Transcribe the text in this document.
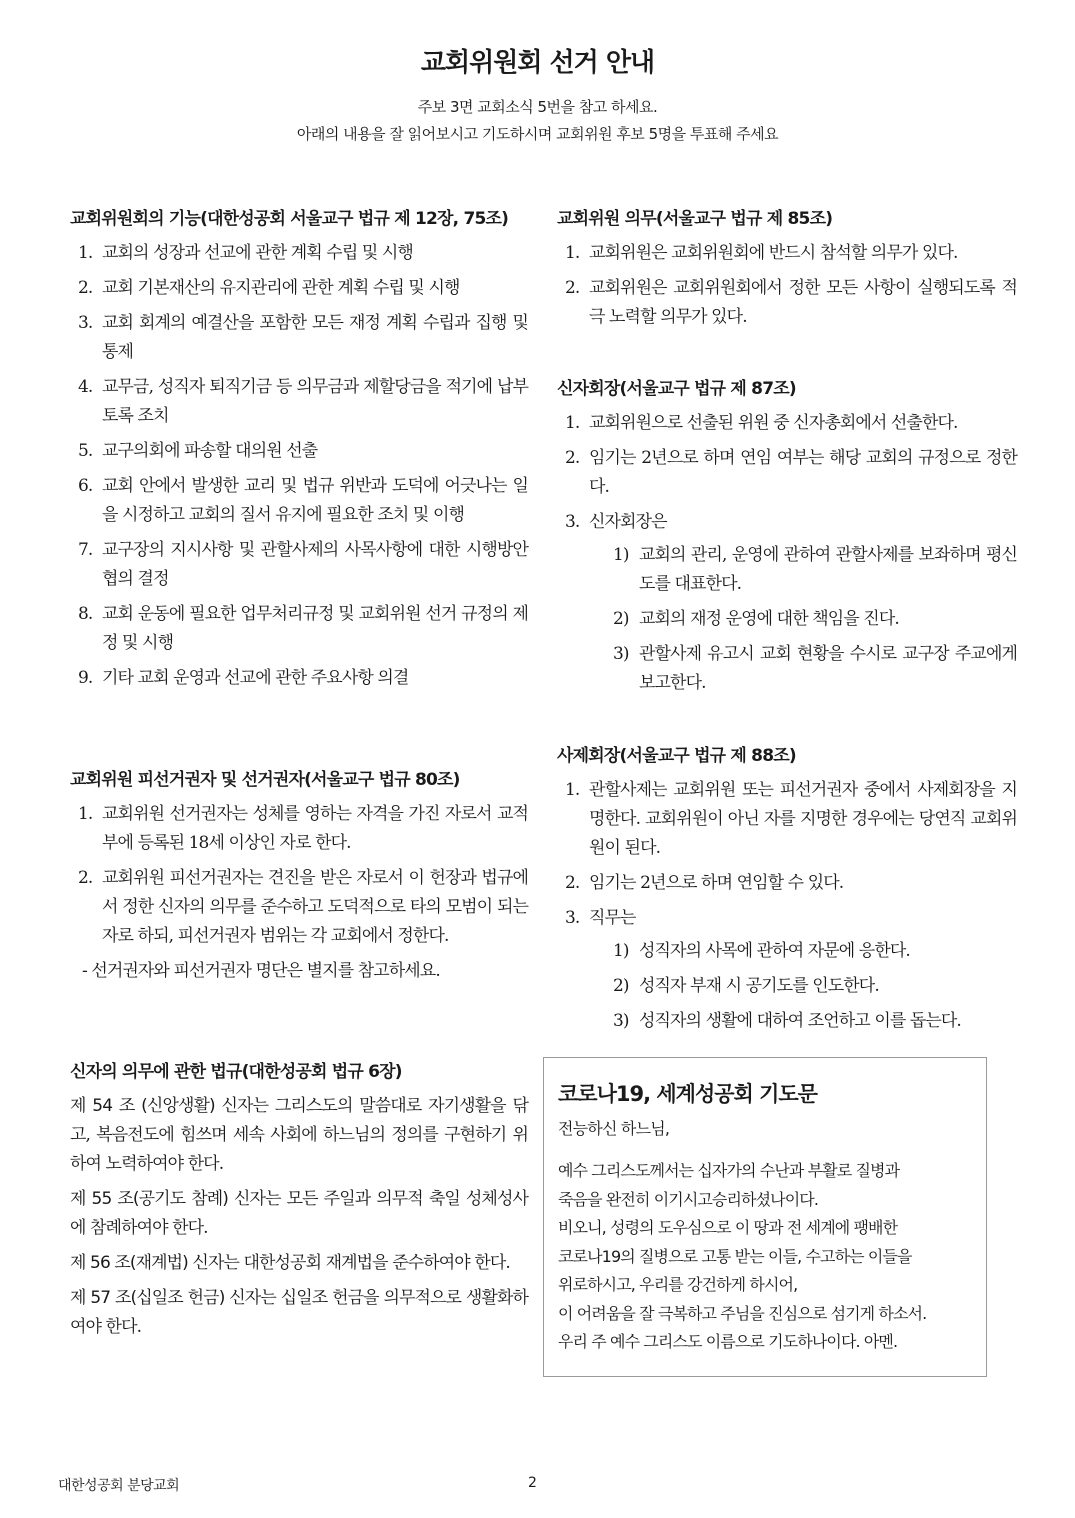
교회위원회 선거 안내
주보 3면 교회소식 5번을 참고 하세요.
아래의 내용을 잘 읽어보시고 기도하시며 교회위원 후보 5명을 투표해 주세요
교회위원회의 기능(대한성공회 서울교구 법규 제 12장, 75조)
1. 교회의 성장과 선교에 관한 계획 수립 및 시행
2. 교회 기본재산의 유지관리에 관한 계획 수립 및 시행
3. 교회 회계의 예결산을 포함한 모든 재정 계획 수립과 집행 및 통제
4. 교무금, 성직자 퇴직기금 등 의무금과 제할당금을 적기에 납부토록 조치
5. 교구의회에 파송할 대의원 선출
6. 교회 안에서 발생한 교리 및 법규 위반과 도덕에 어긋나는 일을 시정하고 교회의 질서 유지에 필요한 조치 및 이행
7. 교구장의 지시사항 및 관할사제의 사목사항에 대한 시행방안 협의 결정
8. 교회 운동에 필요한 업무처리규정 및 교회위원 선거 규정의 제정 및 시행
9. 기타 교회 운영과 선교에 관한 주요사항 의결
교회위원 피선거권자 및 선거권자(서울교구 법규 80조)
1. 교회위원 선거권자는 성체를 영하는 자격을 가진 자로서 교적부에 등록된 18세 이상인 자로 한다.
2. 교회위원 피선거권자는 견진을 받은 자로서 이 헌장과 법규에서 정한 신자의 의무를 준수하고 도덕적으로 타의 모범이 되는 자로 하되, 피선거권자 범위는 각 교회에서 정한다.
- 선거권자와 피선거권자 명단은 별지를 참고하세요.
신자의 의무에 관한 법규(대한성공회 법규 6장)
제 54 조 (신앙생활) 신자는 그리스도의 말씀대로 자기생활을 닦고, 복음전도에 힘쓰며 세속 사회에 하느님의 정의를 구현하기 위하여 노력하여야 한다.
제 55 조(공기도 참례) 신자는 모든 주일과 의무적 축일 성체성사에 참례하여야 한다.
제 56 조(재계법) 신자는 대한성공회 재계법을 준수하여야 한다.
제 57 조(십일조 헌금) 신자는 십일조 헌금을 의무적으로 생활화하여야 한다.
교회위원 의무(서울교구 법규 제 85조)
1. 교회위원은 교회위원회에 반드시 참석할 의무가 있다.
2. 교회위원은 교회위원회에서 정한 모든 사항이 실행되도록 적극 노력할 의무가 있다.
신자회장(서울교구 법규 제 87조)
1. 교회위원으로 선출된 위원 중 신자총회에서 선출한다.
2. 임기는 2년으로 하며 연임 여부는 해당 교회의 규정으로 정한다.
3. 신자회장은
1) 교회의 관리, 운영에 관하여 관할사제를 보좌하며 평신도를 대표한다.
2) 교회의 재정 운영에 대한 책임을 진다.
3) 관할사제 유고시 교회 현황을 수시로 교구장 주교에게 보고한다.
사제회장(서울교구 법규 제 88조)
1. 관할사제는 교회위원 또는 피선거권자 중에서 사제회장을 지명한다. 교회위원이 아닌 자를 지명한 경우에는 당연직 교회위원이 된다.
2. 임기는 2년으로 하며 연임할 수 있다.
3. 직무는
1) 성직자의 사목에 관하여 자문에 응한다.
2) 성직자 부재 시 공기도를 인도한다.
3) 성직자의 생활에 대하여 조언하고 이를 돕는다.
코로나19, 세계성공회 기도문
전능하신 하느님,
예수 그리스도께서는 십자가의 수난과 부활로 질병과
죽음을 완전히 이기시고승리하셨나이다.
비오니, 성령의 도우심으로 이 땅과 전 세계에 팽배한
코로나19의 질병으로 고통 받는 이들, 수고하는 이들을
위로하시고, 우리를 강건하게 하시어,
이 어려움을 잘 극복하고 주님을 진심으로 섬기게 하소서.
우리 주 예수 그리스도 이름으로 기도하나이다. 아멘.
대한성공회 분당교회	2
